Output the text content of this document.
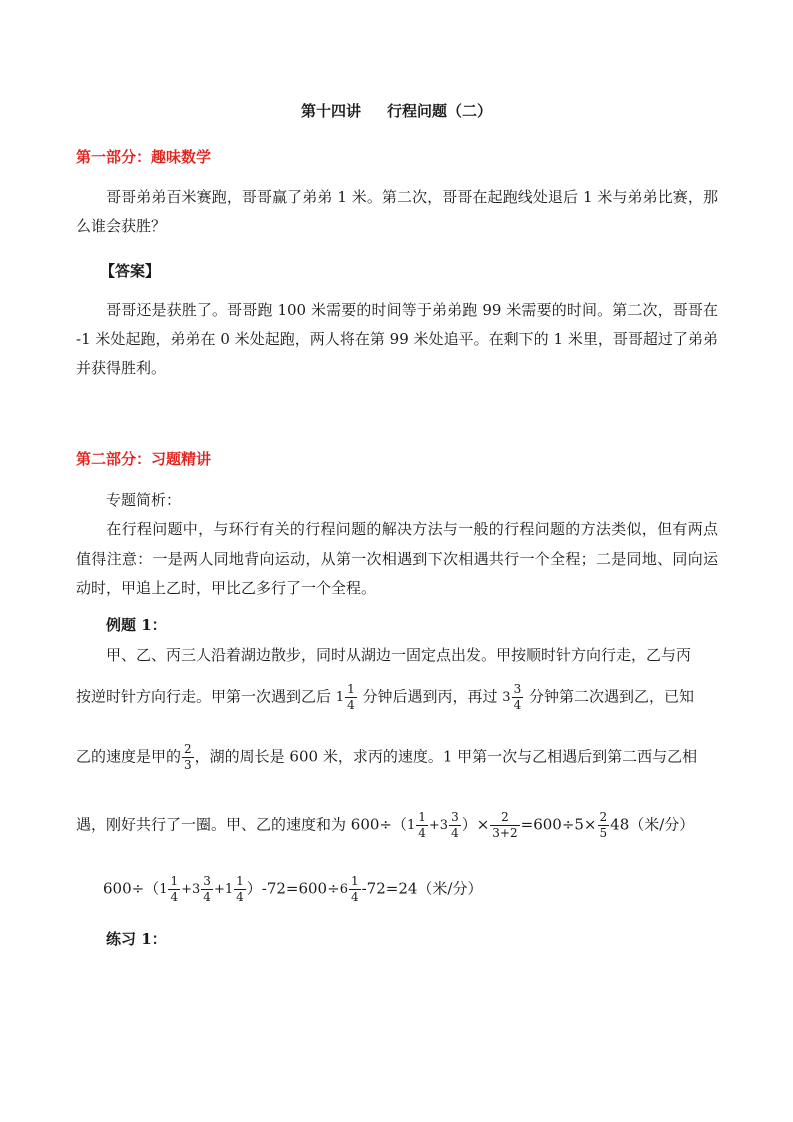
第十四讲 行程问题（二）
第一部分：趣味数学
哥哥弟弟百米赛跑，哥哥赢了弟弟 1 米。第二次，哥哥在起跑线处退后 1 米与弟弟比赛，那么谁会获胜？
【答案】
哥哥还是获胜了。哥哥跑 100 米需要的时间等于弟弟跑 99 米需要的时间。第二次，哥哥在 -1 米处起跑，弟弟在 0 米处起跑，两人将在第 99 米处追平。在剩下的 1 米里，哥哥超过了弟弟并获得胜利。
第二部分：习题精讲
专题简析：
在行程问题中，与环行有关的行程问题的解决方法与一般的行程问题的方法类似，但有两点值得注意：一是两人同地背向运动，从第一次相遇到下次相遇共行一个全程；二是同地、同向运动时，甲追上乙时，甲比乙多行了一个全程。
例题 1：
甲、乙、丙三人沿着湖边散步，同时从湖边一固定点出发。甲按顺时针方向行走，乙与丙
按逆时针方向行走。甲第一次遇到乙后 $1 \frac{1}{4}$ 分钟后遇到丙，再过 $3 \frac{3}{4}$ 分钟第二次遇到乙，已知
乙的速度是甲的 $\frac{2}{3}$ ，湖的周长是 600 米，求丙的速度。1 甲第一次与乙相遇后到第二西与乙相
遇，刚好共行了一圈。甲、乙的速度和为 $600\div(1 \frac{1}{4} +3 \frac{3}{4}$ ）× $\frac{2}{3+2} =600\div 5\times \frac{2}{5} 48$（米/分）
$600\div(1 \frac{1}{4} +3 \frac{3}{4} +1 \frac{1}{4} )-72=600\div 6 \frac{1}{4} -72=24$（米/分）
练习 1：
